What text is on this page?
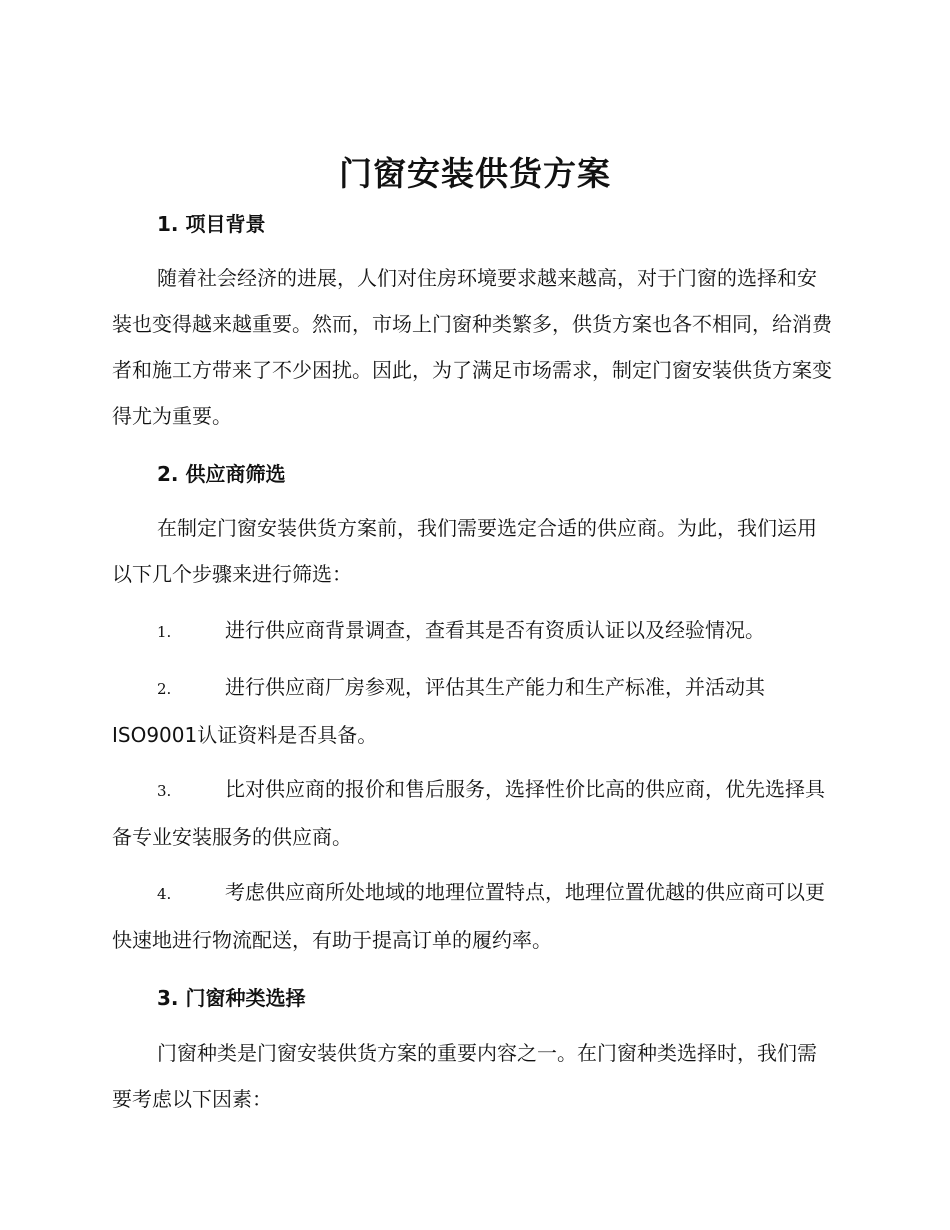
门窗安装供货方案
1. 项目背景
随着社会经济的进展，人们对住房环境要求越来越高，对于门窗的选择和安装也变得越来越重要。然而，市场上门窗种类繁多，供货方案也各不相同，给消费者和施工方带来了不少困扰。因此，为了满足市场需求，制定门窗安装供货方案变得尤为重要。
2. 供应商筛选
在制定门窗安装供货方案前，我们需要选定合适的供应商。为此，我们运用以下几个步骤来进行筛选：
1.	进行供应商背景调查，查看其是否有资质认证以及经验情况。
2.	进行供应商厂房参观，评估其生产能力和生产标准，并活动其ISO9001认证资料是否具备。
3.	比对供应商的报价和售后服务，选择性价比高的供应商，优先选择具备专业安装服务的供应商。
4.	考虑供应商所处地域的地理位置特点，地理位置优越的供应商可以更快速地进行物流配送，有助于提高订单的履约率。
3. 门窗种类选择
门窗种类是门窗安装供货方案的重要内容之一。在门窗种类选择时，我们需要考虑以下因素：
